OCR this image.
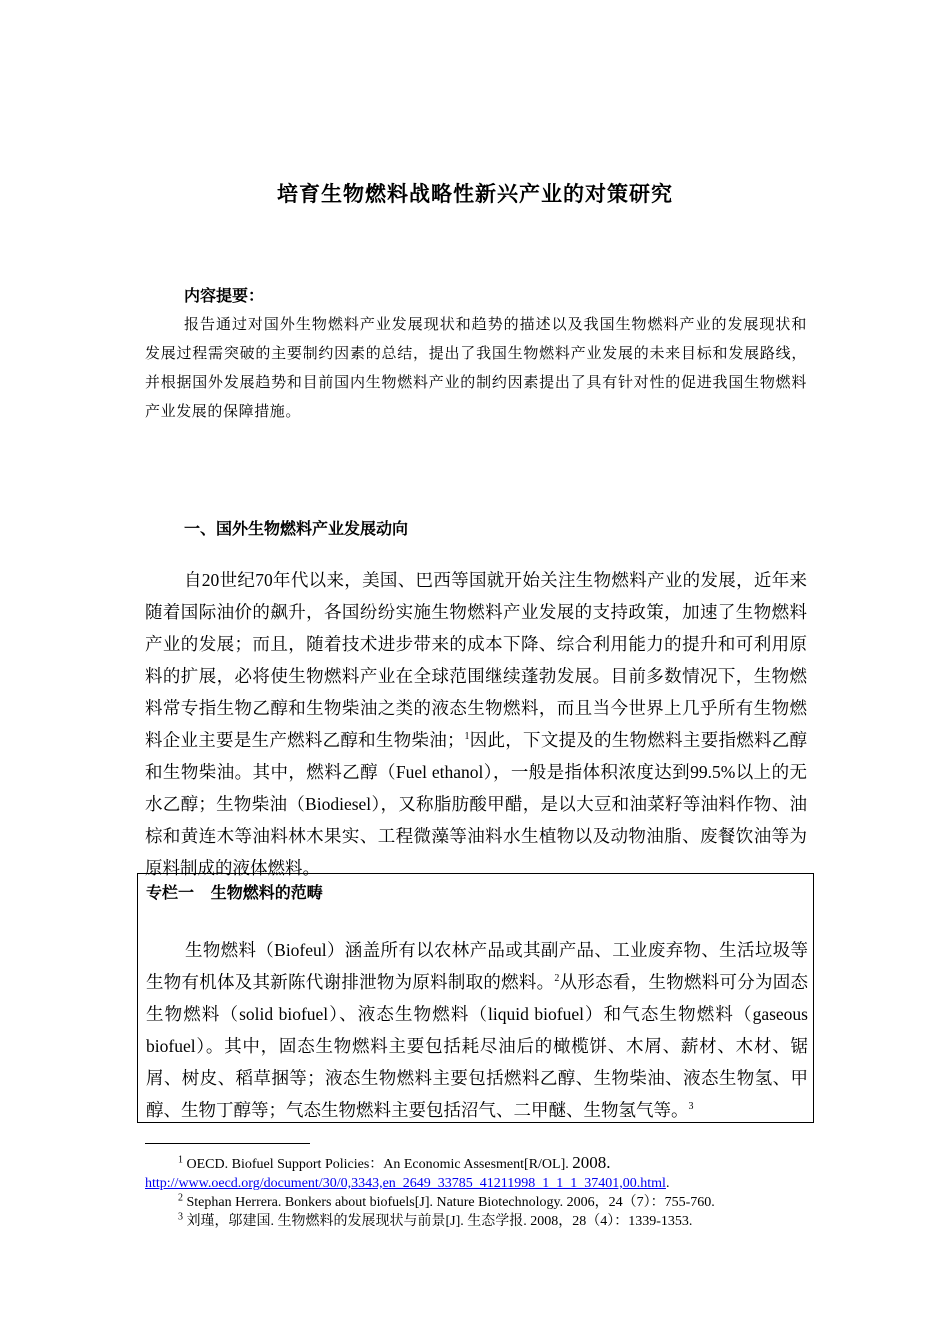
培育生物燃料战略性新兴产业的对策研究
内容提要：
报告通过对国外生物燃料产业发展现状和趋势的描述以及我国生物燃料产业的发展现状和发展过程需突破的主要制约因素的总结，提出了我国生物燃料产业发展的未来目标和发展路线，并根据国外发展趋势和目前国内生物燃料产业的制约因素提出了具有针对性的促进我国生物燃料产业发展的保障措施。
一、国外生物燃料产业发展动向
自20世纪70年代以来，美国、巴西等国就开始关注生物燃料产业的发展，近年来随着国际油价的飙升，各国纷纷实施生物燃料产业发展的支持政策，加速了生物燃料产业的发展；而且，随着技术进步带来的成本下降、综合利用能力的提升和可利用原料的扩展，必将使生物燃料产业在全球范围继续蓬勃发展。目前多数情况下，生物燃料常专指生物乙醇和生物柴油之类的液态生物燃料，而且当今世界上几乎所有生物燃料企业主要是生产燃料乙醇和生物柴油；$^1$因此，下文提及的生物燃料主要指燃料乙醇和生物柴油。其中，燃料乙醇（Fuel ethanol），一般是指体积浓度达到99.5%以上的无水乙醇；生物柴油（Biodiesel），又称脂肪酸甲醋，是以大豆和油菜籽等油料作物、油棕和黄连木等油料林木果实、工程微藻等油料水生植物以及动物油脂、废餐饮油等为原料制成的液体燃料。
专栏一   生物燃料的范畴
生物燃料（Biofeul）涵盖所有以农林产品或其副产品、工业废弃物、生活垃圾等生物有机体及其新陈代谢排泄物为原料制取的燃料。$^2$从形态看，生物燃料可分为固态生物燃料（solid biofuel）、液态生物燃料（liquid biofuel）和气态生物燃料（gaseous biofuel）。其中，固态生物燃料主要包括耗尽油后的橄榄饼、木屑、薪材、木材、锯屑、树皮、稻草捆等；液态生物燃料主要包括燃料乙醇、生物柴油、液态生物氢、甲醇、生物丁醇等；气态生物燃料主要包括沼气、二甲醚、生物氢气等。$^3$
$^1$ OECD. Biofuel Support Policies：An Economic Assesment[R/OL]. 2008.
http://www.oecd.org/document/30/0,3343,en_2649_33785_41211998_1_1_1_37401,00.html.
$^2$ Stephan Herrera. Bonkers about biofuels[J]. Nature Biotechnology. 2006，24（7）：755-760.
$^3$ 刘瑾，邬建国. 生物燃料的发展现状与前景[J]. 生态学报. 2008，28（4）：1339-1353.
